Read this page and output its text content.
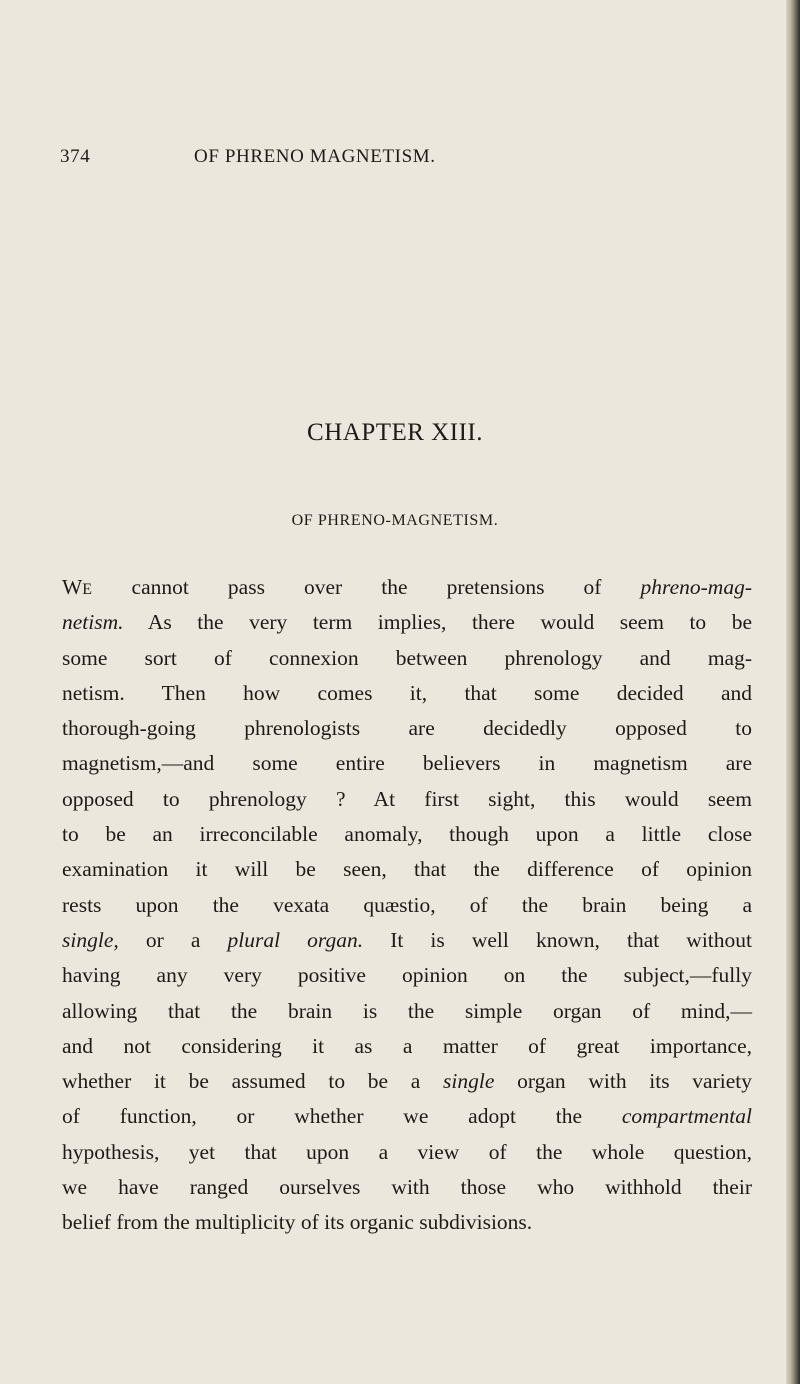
374	OF PHRENO MAGNETISM.
CHAPTER XIII.
OF PHRENO-MAGNETISM.
WE cannot pass over the pretensions of phreno-mag-
netism. As the very term implies, there would seem to be
some sort of connexion between phrenology and mag-
netism. Then how comes it, that some decided and
thorough-going phrenologists are decidedly opposed to
magnetism,—and some entire believers in magnetism are
opposed to phrenology ? At first sight, this would seem
to be an irreconcilable anomaly, though upon a little close
examination it will be seen, that the difference of opinion
rests upon the vexata quæstio, of the brain being a
single, or a plural organ. It is well known, that without
having any very positive opinion on the subject,—fully
allowing that the brain is the simple organ of mind,—
and not considering it as a matter of great importance,
whether it be assumed to be a single organ with its variety
of function, or whether we adopt the compartmental
hypothesis, yet that upon a view of the whole question,
we have ranged ourselves with those who withhold their
belief from the multiplicity of its organic subdivisions.
